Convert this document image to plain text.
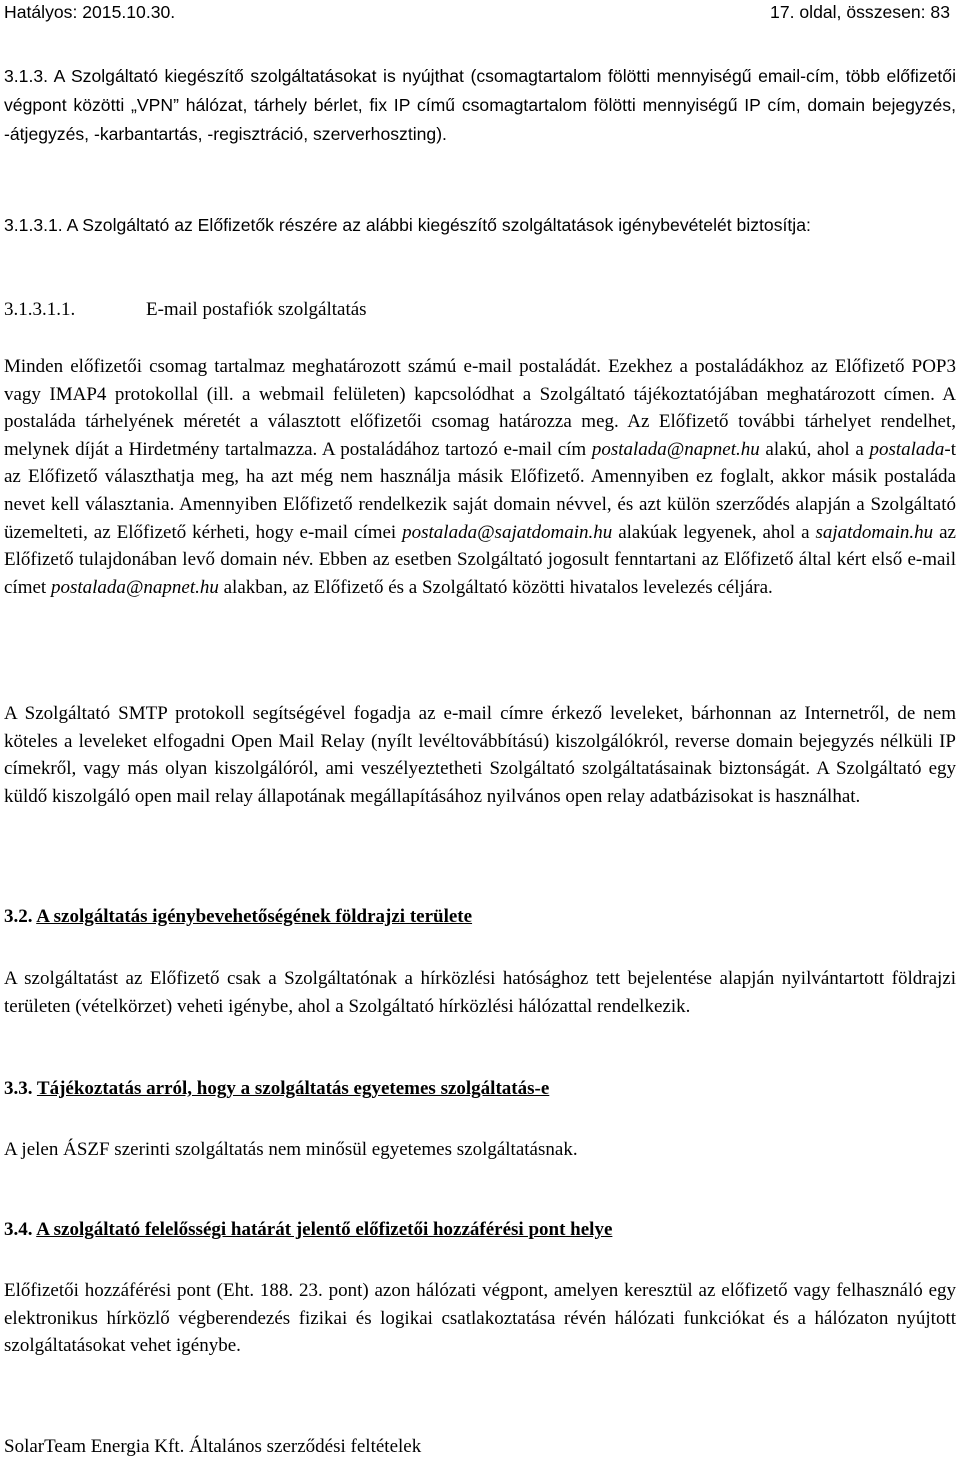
Hatályos: 2015.10.30.	17. oldal, összesen: 83

3.1.3. A Szolgáltató kiegészítő szolgáltatásokat is nyújthat (csomagtartalom fölötti mennyiségű email-cím, több előfizetői végpont közötti „VPN” hálózat, tárhely bérlet, fix IP című csomagtartalom fölötti mennyiségű IP cím, domain bejegyzés, -átjegyzés, -karbantartás, -regisztráció, szerverhoszting).

3.1.3.1. A Szolgáltató az Előfizetők részére az alábbi kiegészítő szolgáltatások igénybevételét biztosítja:

3.1.3.1.1.	E-mail postafiók szolgáltatás

Minden előfizetői csomag tartalmaz meghatározott számú e-mail postaládát. Ezekhez a postaládákhoz az Előfizető POP3 vagy IMAP4 protokollal (ill. a webmail felületen) kapcsolódhat a Szolgáltató tájékoztatójában meghatározott címen. A postaláda tárhelyének méretét a választott előfizetői csomag határozza meg. Az Előfizető további tárhelyet rendelhet, melynek díját a Hirdetmény tartalmazza. A postaládához tartozó e-mail cím postalada@napnet.hu alakú, ahol a postalada-t az Előfizető választhatja meg, ha azt még nem használja másik Előfizető. Amennyiben ez foglalt, akkor másik postaláda nevet kell választania. Amennyiben Előfizető rendelkezik saját domain névvel, és azt külön szerződés alapján a Szolgáltató üzemelteti, az Előfizető kérheti, hogy e-mail címei postalada@sajatdomain.hu alakúak legyenek, ahol a sajatdomain.hu az Előfizető tulajdonában levő domain név. Ebben az esetben Szolgáltató jogosult fenntartani az Előfizető által kért első e-mail címet postalada@napnet.hu alakban, az Előfizető és a Szolgáltató közötti hivatalos levelezés céljára.

A Szolgáltató SMTP protokoll segítségével fogadja az e-mail címre érkező leveleket, bárhonnan az Internetről, de nem köteles a leveleket elfogadni Open Mail Relay (nyílt levéltovábbítású) kiszolgálókról, reverse domain bejegyzés nélküli IP címekről, vagy más olyan kiszolgálóról, ami veszélyeztetheti Szolgáltató szolgáltatásainak biztonságát. A Szolgáltató egy küldő kiszolgáló open mail relay állapotának megállapításához nyilvános open relay adatbázisokat is használhat.

3.2. A szolgáltatás igénybevehetőségének földrajzi területe

A szolgáltatást az Előfizető csak a Szolgáltatónak a hírközlési hatósághoz tett bejelentése alapján nyilvántartott földrajzi területen (vételkörzet) veheti igénybe, ahol a Szolgáltató hírközlési hálózattal rendelkezik.

3.3. Tájékoztatás arról, hogy a szolgáltatás egyetemes szolgáltatás-e

A jelen ÁSZF szerinti szolgáltatás nem minősül egyetemes szolgáltatásnak.

3.4. A szolgáltató felelősségi határát jelentő előfizetői hozzáférési pont helye

Előfizetői hozzáférési pont (Eht. 188. 23. pont) azon hálózati végpont, amelyen keresztül az előfizető vagy felhasználó egy elektronikus hírközlő végberendezés fizikai és logikai csatlakoztatása révén hálózati funkciókat és a hálózaton nyújtott szolgáltatásokat vehet igénybe.

SolarTeam Energia Kft. Általános szerződési feltételek
